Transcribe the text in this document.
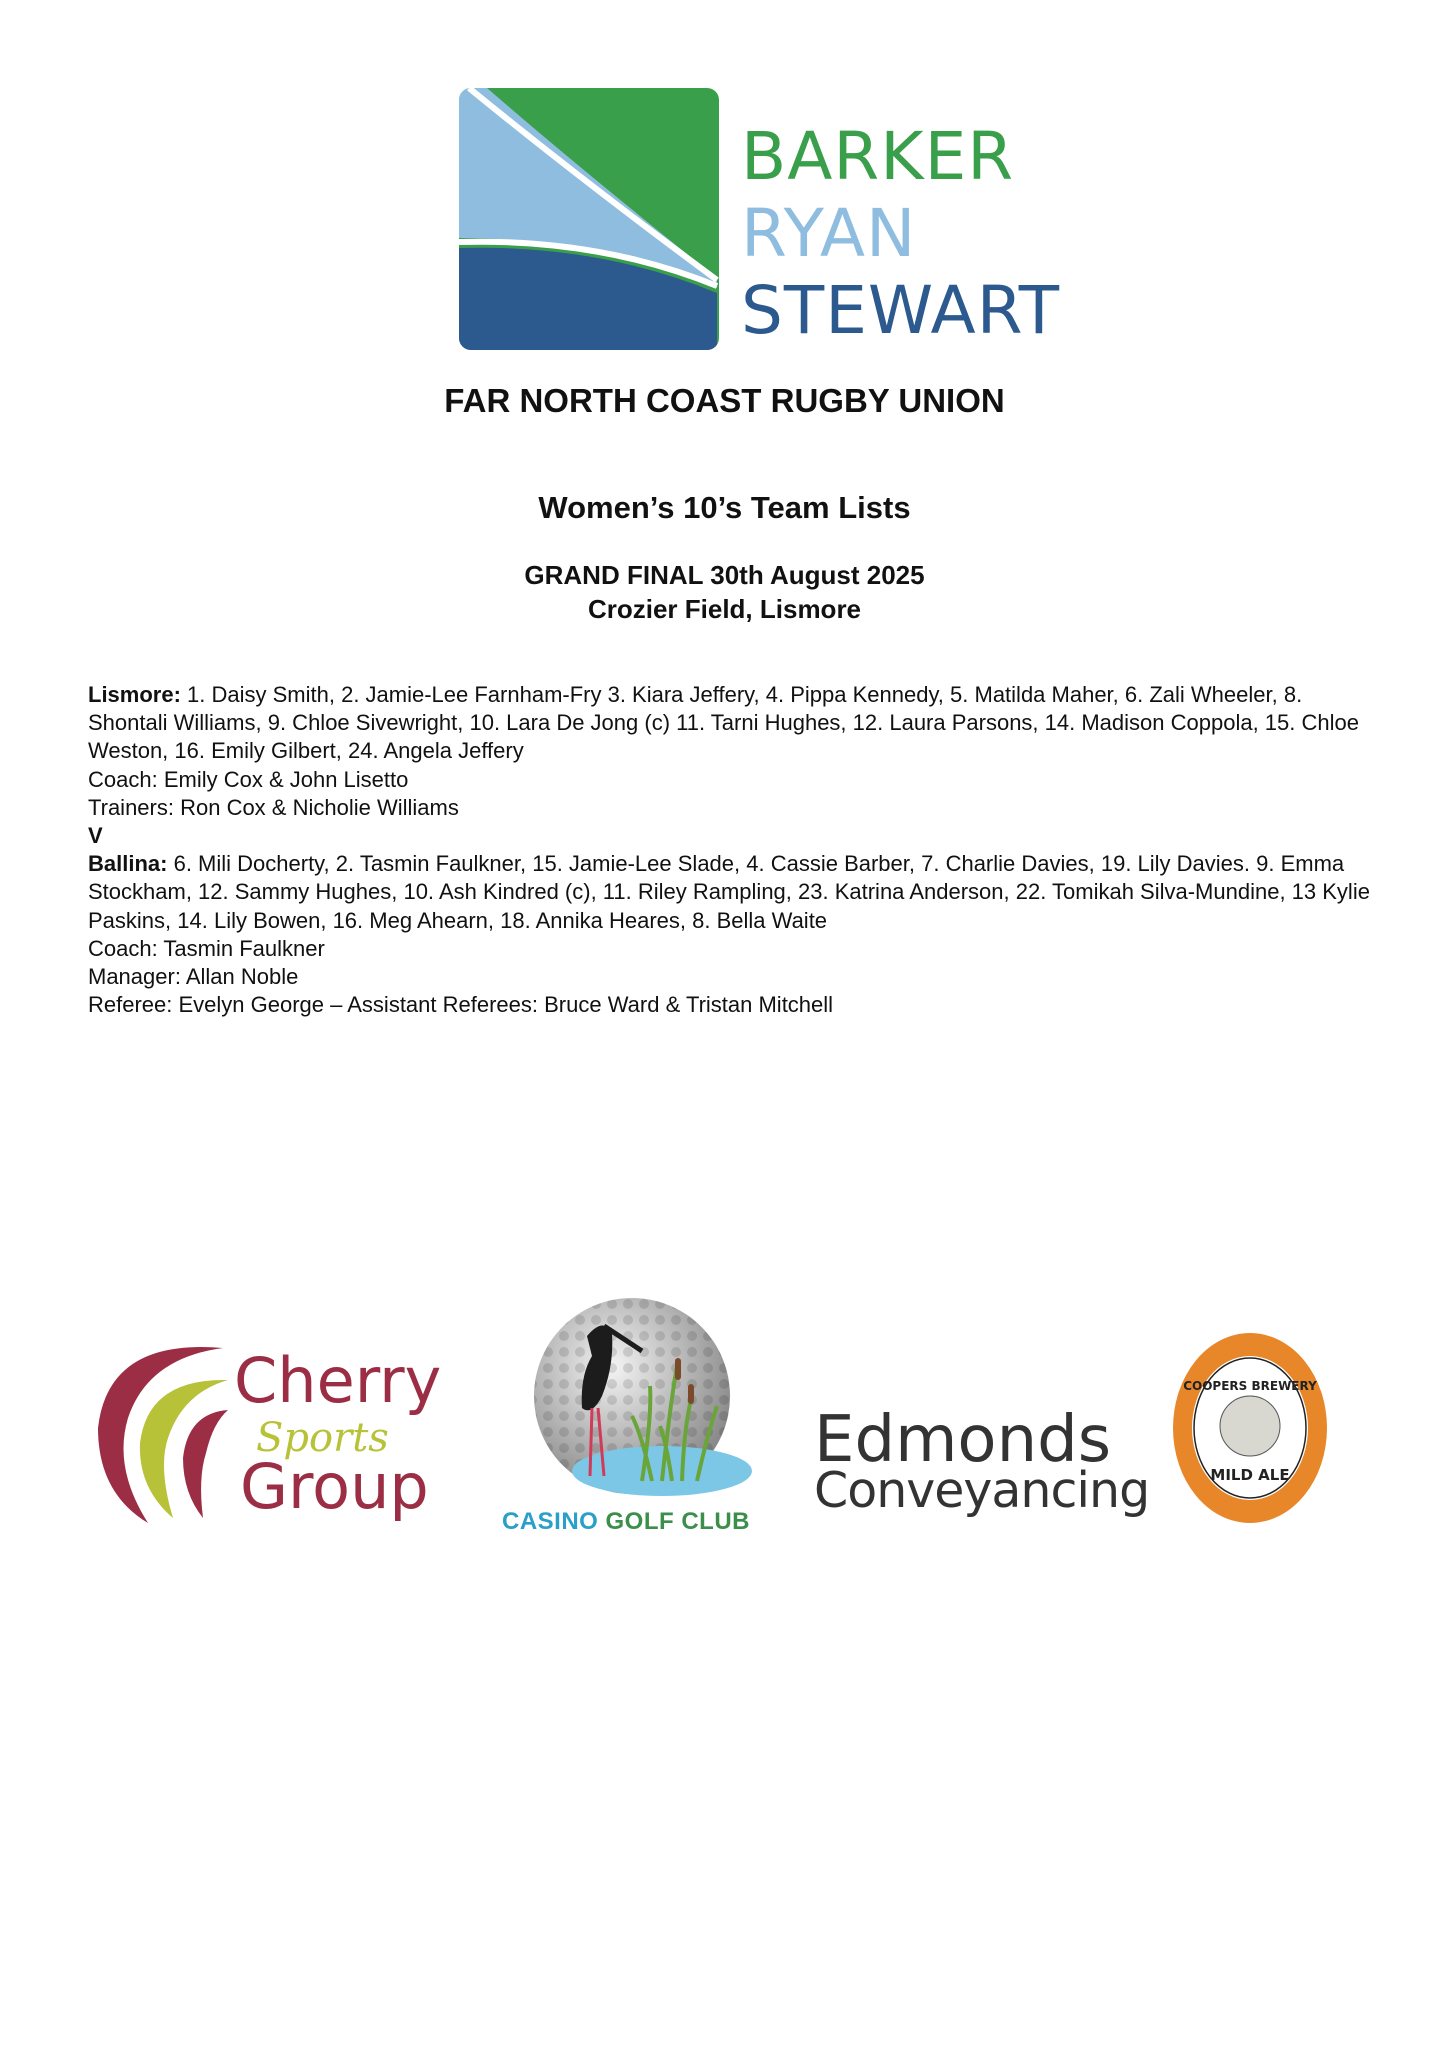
BARKER
RYAN
STEWART
FAR NORTH COAST RUGBY UNION
Women’s 10’s Team Lists
GRAND FINAL 30th August 2025
Crozier Field, Lismore

Lismore: 1. Daisy Smith, 2. Jamie-Lee Farnham-Fry 3. Kiara Jeffery, 4. Pippa Kennedy, 5. Matilda Maher, 6. Zali Wheeler, 8. Shontali Williams, 9. Chloe Sivewright, 10. Lara De Jong (c) 11. Tarni Hughes, 12. Laura Parsons, 14. Madison Coppola, 15. Chloe Weston, 16. Emily Gilbert, 24. Angela Jeffery

Coach: Emily Cox & John Lisetto

Trainers: Ron Cox & Nicholie Williams

V

Ballina: 6. Mili Docherty, 2. Tasmin Faulkner, 15. Jamie-Lee Slade, 4. Cassie Barber, 7. Charlie Davies, 19. Lily Davies. 9. Emma Stockham, 12. Sammy Hughes, 10. Ash Kindred (c), 11. Riley Rampling, 23. Katrina Anderson, 22. Tomikah Silva-Mundine, 13 Kylie Paskins, 14. Lily Bowen, 16. Meg Ahearn, 18. Annika Heares, 8. Bella Waite

Coach: Tasmin Faulkner

Manager: Allan Noble

Referee: Evelyn George – Assistant Referees: Bruce Ward & Tristan Mitchell

Cherry
Sports
Group	CASINO GOLF CLUB
Edmonds
Conveyancing
COOPERS BREWERY
MILD ALE
